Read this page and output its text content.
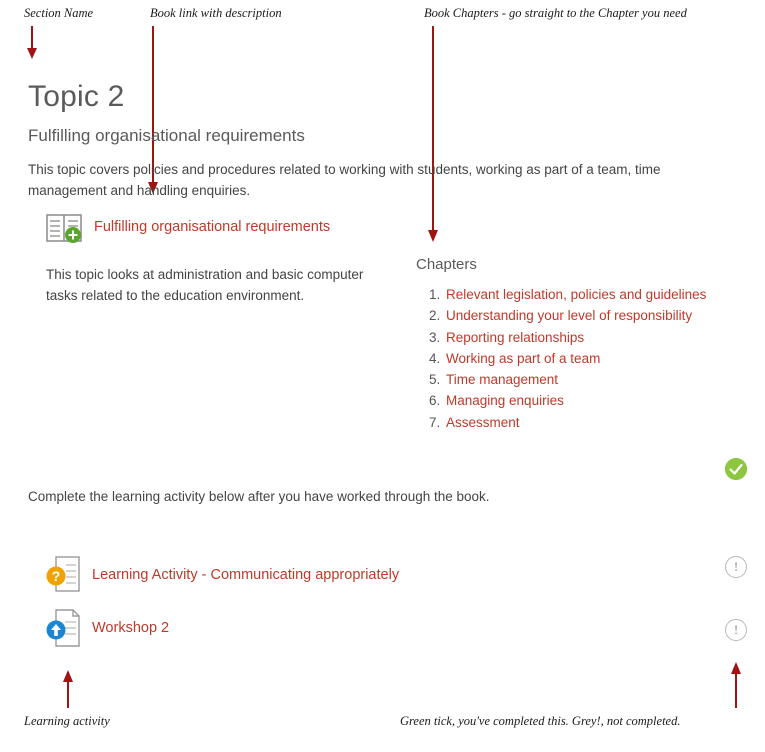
Section Name	Book link with description	Book Chapters - go straight to the Chapter you need
Learning activity	Green tick, you've completed this. Grey!, not completed.
Topic 2
Fulfilling organisational requirements

This topic covers policies and procedures related to working with students, working as part of a team, time management and handling enquiries.

Fulfilling organisational requirements

This topic looks at administration and basic computer tasks related to the education environment.

Chapters
1. Relevant legislation, policies and guidelines
2. Understanding your level of responsibility
3. Reporting relationships
4. Working as part of a team
5. Time management
6. Managing enquiries
7. Assessment
Complete the learning activity below after you have worked through the book.
? Learning Activity - Communicating appropriately
!
Workshop 2	!
